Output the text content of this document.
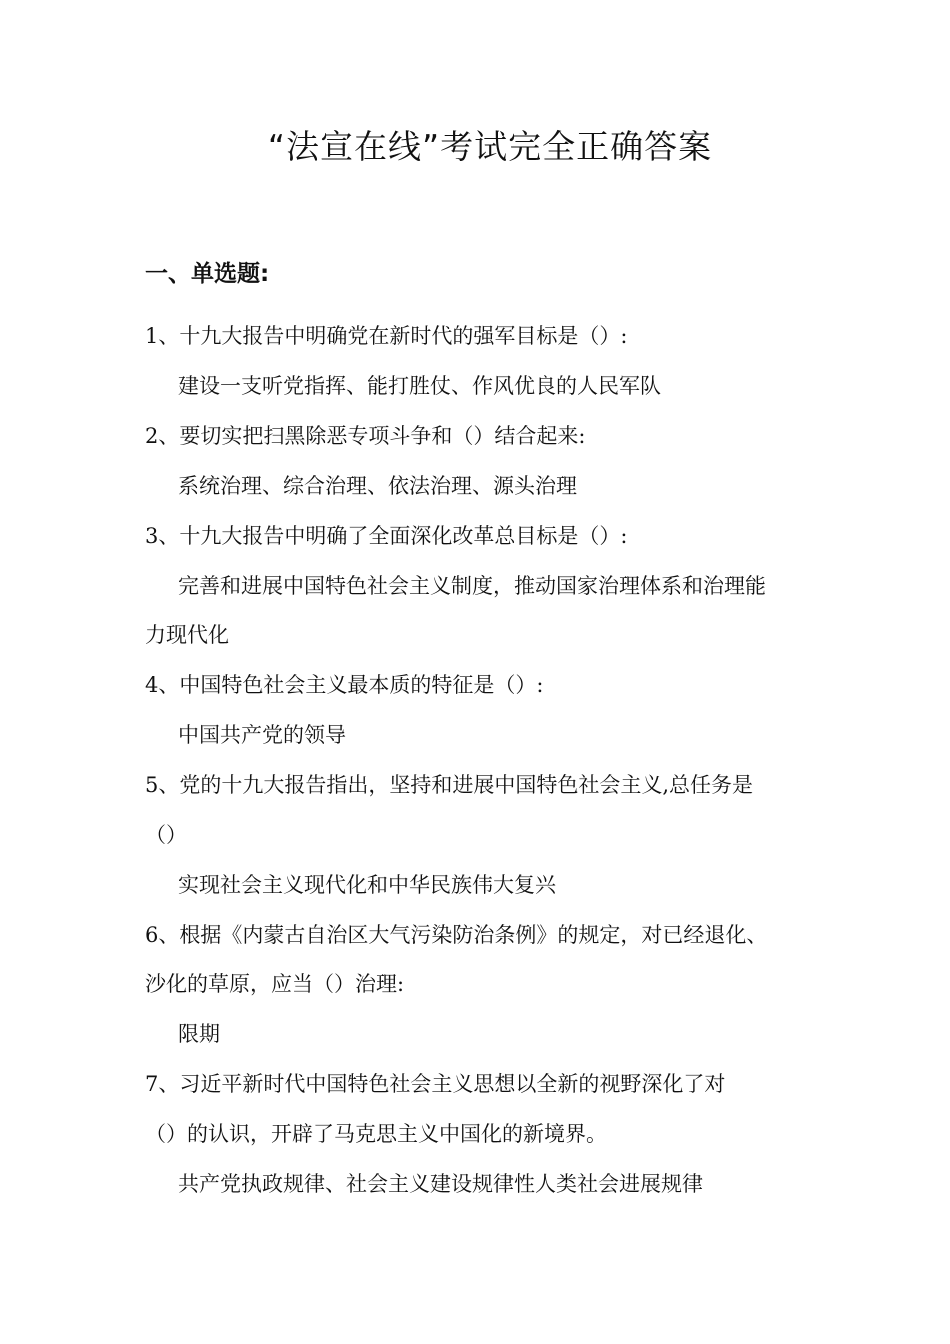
“法宣在线”考试完全正确答案
一、单选题:
1、十九大报告中明确党在新时代的强军目标是（）:
建设一支听党指挥、能打胜仗、作风优良的人民军队
2、要切实把扫黑除恶专项斗争和（）结合起来:
系统治理、综合治理、依法治理、源头治理
3、十九大报告中明确了全面深化改革总目标是（）:
完善和进展中国特色社会主义制度，推动国家治理体系和治理能
力现代化
4、中国特色社会主义最本质的特征是（）:
中国共产党的领导
5、党的十九大报告指出，坚持和进展中国特色社会主义,总任务是
（）
实现社会主义现代化和中华民族伟大复兴
6、根据《内蒙古自治区大气污染防治条例》的规定，对已经退化、
沙化的草原，应当（）治理:
限期
7、习近平新时代中国特色社会主义思想以全新的视野深化了对
（）的认识，开辟了马克思主义中国化的新境界。
共产党执政规律、社会主义建设规律性人类社会进展规律
